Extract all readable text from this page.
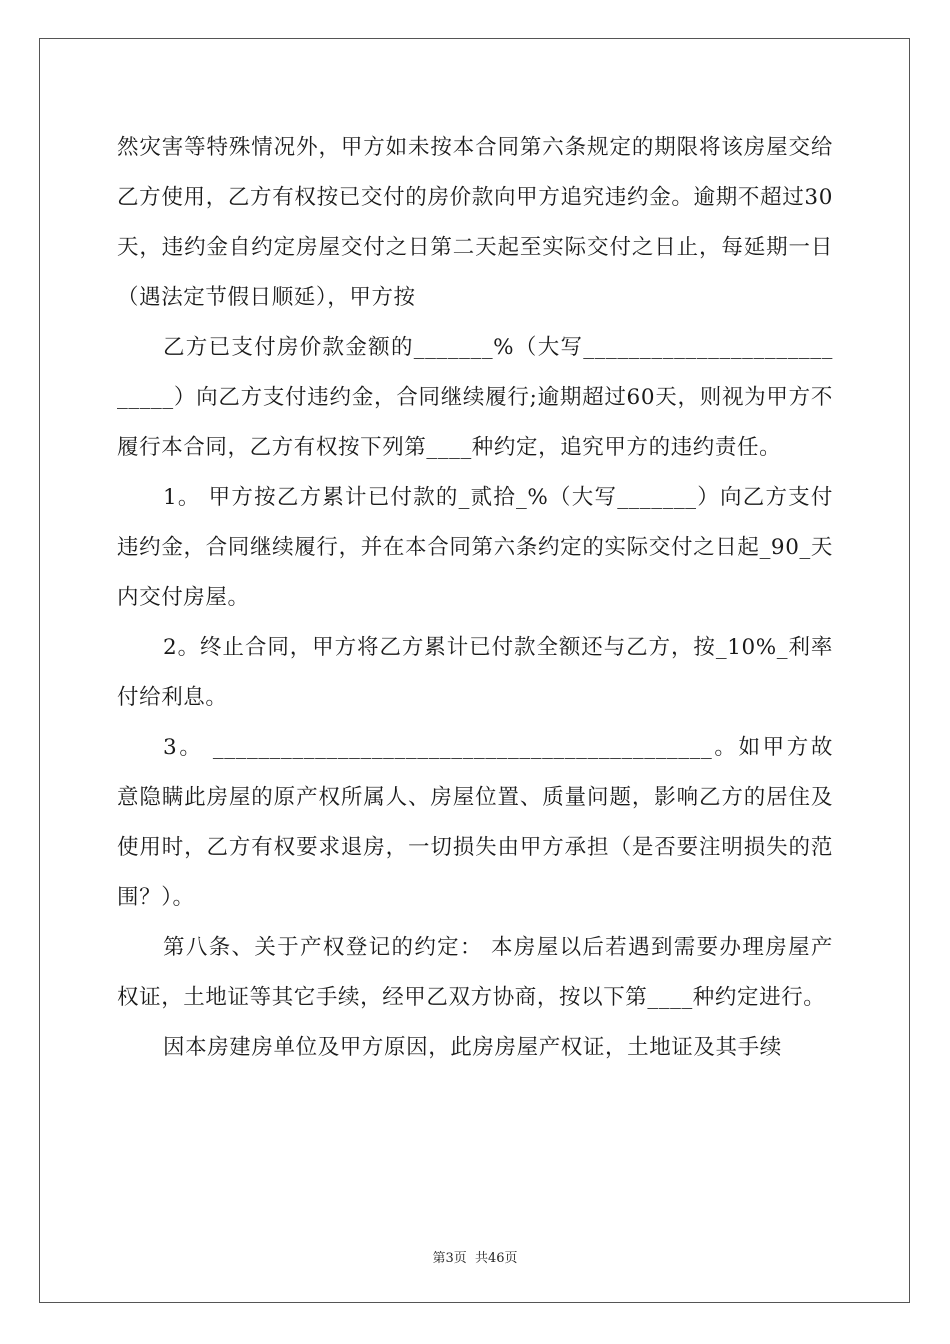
然灾害等特殊情况外，甲方如未按本合同第六条规定的期限将该房屋交给乙方使用，乙方有权按已交付的房价款向甲方追究违约金。逾期不超过30天，违约金自约定房屋交付之日第二天起至实际交付之日止，每延期一日（遇法定节假日顺延），甲方按

乙方已支付房价款金额的_______%（大写___________________________）向乙方支付违约金，合同继续履行;逾期超过60天，则视为甲方不履行本合同，乙方有权按下列第____种约定，追究甲方的违约责任。

1。 甲方按乙方累计已付款的_贰拾_%（大写_______）向乙方支付违约金，合同继续履行，并在本合同第六条约定的实际交付之日起_90_天内交付房屋。

2。终止合同，甲方将乙方累计已付款全额还与乙方，按_10%_利率付给利息。

3。 ____________________________________________。如甲方故意隐瞒此房屋的原产权所属人、房屋位置、质量问题，影响乙方的居住及使用时，乙方有权要求退房，一切损失由甲方承担（是否要注明损失的范围？）。

第八条、关于产权登记的约定： 本房屋以后若遇到需要办理房屋产权证，土地证等其它手续，经甲乙双方协商，按以下第____种约定进行。

因本房建房单位及甲方原因，此房房屋产权证，土地证及其手续

第3页  共46页
